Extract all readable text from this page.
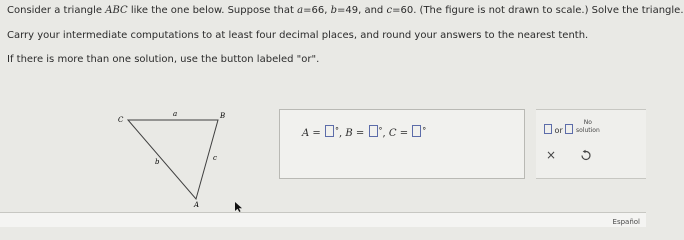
Consider a triangle ABC like the one below. Suppose that a=66, b=49, and c=60. (The figure is not drawn to scale.) Solve the triangle.

Carry your intermediate computations to at least four decimal places, and round your answers to the nearest tenth.

If there is more than one solution, use the button labeled "or".

C	B
A
a
b	c
A = °, B = °, C = °	or
No
solution
×
Español
